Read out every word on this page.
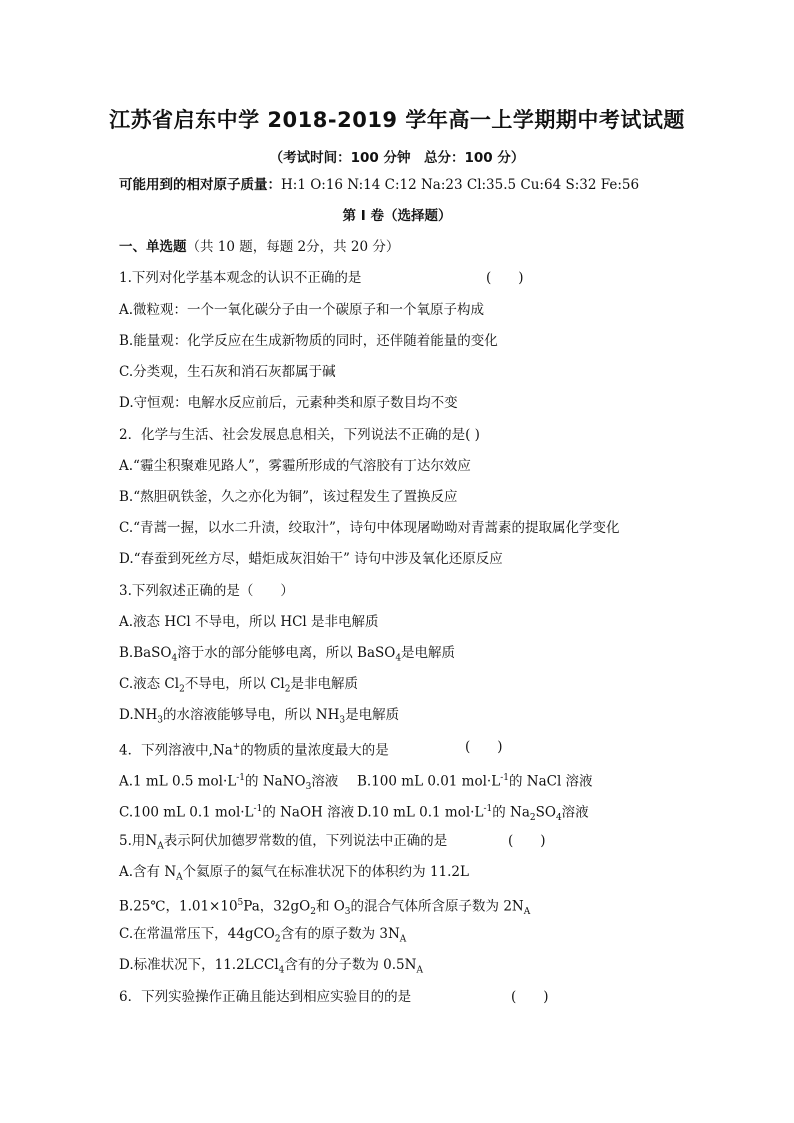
江苏省启东中学 2018-2019 学年高一上学期期中考试试题
（考试时间：100 分钟　总分：100 分）
可能用到的相对原子质量：H:1 O:16 N:14 C:12 Na:23 Cl:35.5 Cu:64 S:32 Fe:56
第 I 卷（选择题）
一、单选题（共 10 题，每题 2分，共 20 分）
1.下列对化学基本观念的认识不正确的是	(　　)
A.微粒观：一个一氧化碳分子由一个碳原子和一个氧原子构成
B.能量观：化学反应在生成新物质的同时，还伴随着能量的变化
C.分类观，生石灰和消石灰都属于碱
D.守恒观：电解水反应前后，元素种类和原子数目均不变
2．化学与生活、社会发展息息相关，下列说法不正确的是( )
A.“霾尘积聚难见路人”，雾霾所形成的气溶胶有丁达尔效应
B.“熬胆矾铁釜，久之亦化为铜”，该过程发生了置换反应
C.“青蒿一握，以水二升渍，绞取汁”，诗句中体现屠呦呦对青蒿素的提取属化学变化
D.“春蚕到死丝方尽，蜡炬成灰泪始干” 诗句中涉及氧化还原反应
3.下列叙述正确的是（　　）
A.液态 HCl 不导电，所以 HCl 是非电解质
B.BaSO$_4$溶于水的部分能够电离，所以 BaSO$_4$是电解质
C.液态 $Cl_2$不导电，所以 $Cl_2$是非电解质
$D.NH_3$的水溶液能够导电，所以 $NH_3$是电解质
4．下列溶液中,Na+的物质的量浓度最大的是	(　　)
A.1 mL 0.5 $mol\cdot L^{-1}$的 NaNO$_3$溶液 B.100 mL 0.01 $mol\cdot L^{-1}$的 NaCl 溶液
C.100 mL 0.1 $mol\cdot L^{-1}$的 NaOH 溶液 D.10 mL 0.1 $mol\cdot L^{-1}$的 $Na_2SO_4$溶液
5.用$N_A$表示阿伏加德罗常数的值，下列说法中正确的是	(　　)
A.含有 $N_A$个氦原子的氦气在标准状况下的体积约为 11.2L
B.25℃，$1.01\times 10^5Pa$，$32gO_2$和 $O_3$的混合气体所含原子数为 $2N_A$
C.在常温常压下，44gCO$_2$含有的原子数为 $3N_A$
D.标准状况下，11.2LCCl$_4$含有的分子数为 $0.5N_A$
6．下列实验操作正确且能达到相应实验目的的是	(　　)
